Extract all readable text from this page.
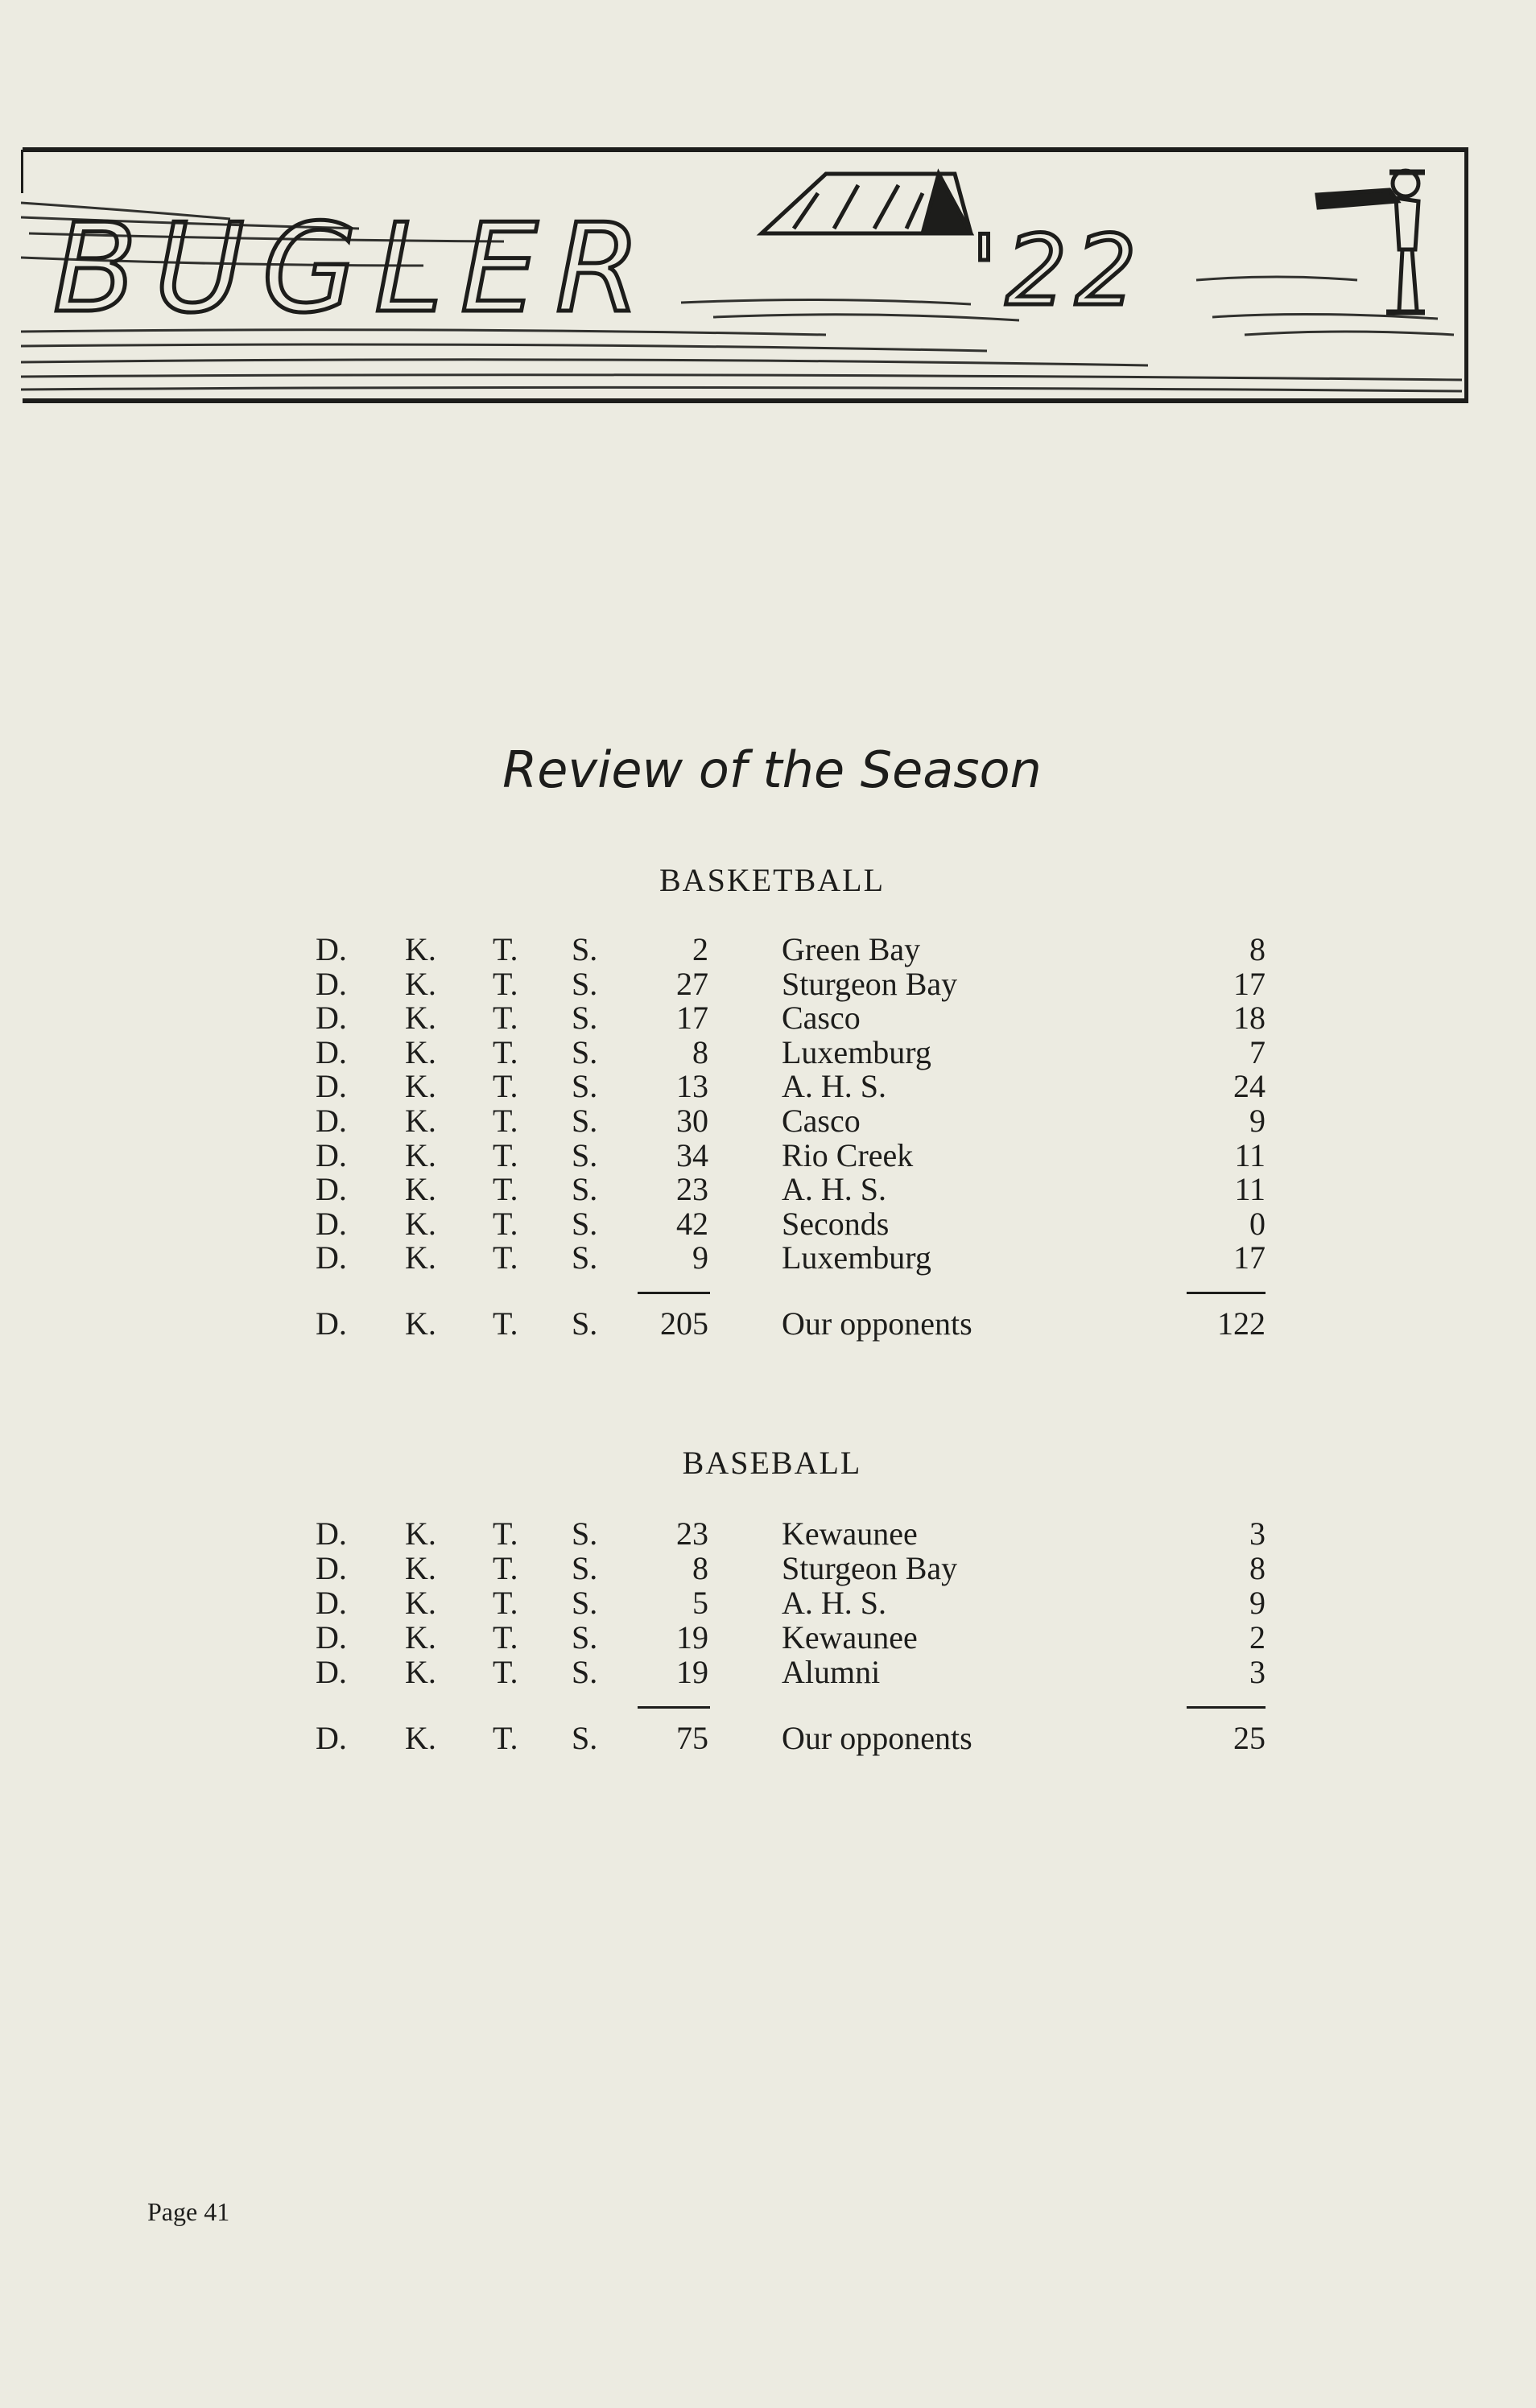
BUGLER	'22
Review of the Season
BASKETBALL
D. K. T. S.	2 Green Bay	8
D. K. T. S. 27 Sturgeon Bay	17
D. K. T. S. 17 Casco	18
D. K. T. S.	8 Luxemburg	7
D. K. T. S. 13 A. H. S.	24
D. K. T. S. 30 Casco	9
D. K. T. S. 34 Rio Creek	11
D. K. T. S. 23 A. H. S.	11
D. K. T. S. 42 Seconds	0
D. K. T. S.	9 Luxemburg	17
D. K. T. S. 205 Our opponents	122
BASEBALL
D. K. T. S. 23 Kewaunee	3
D. K. T. S.	8 Sturgeon Bay	8
D. K. T. S.	5 A. H. S.	9
D. K. T. S. 19 Kewaunee	2
D. K. T. S. 19 Alumni	3
D. K. T. S. 75 Our opponents	25
Page 41
